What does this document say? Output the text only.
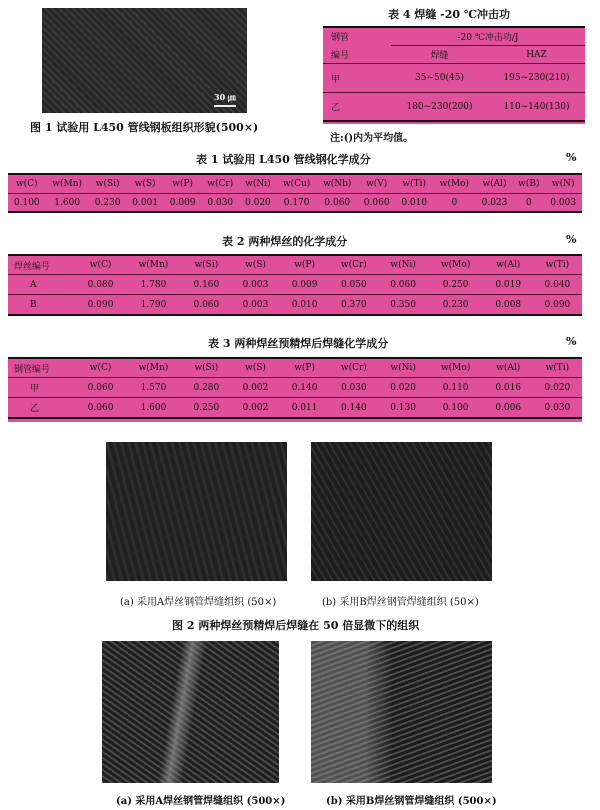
30 ㎛
图 1 试验用 L450 管线钢板组织形貌(500×)
表 4 焊缝 -20 ℃冲击功
钢管	-20 ℃冲击功/J	
编号	焊缝	HAZ
甲	35~50(45)	195~230(210)
乙	180~230(200)	110~140(130)
注:()内为平均值。
表 1 试验用 L450 管线钢化学成分	%
w(C)	w(Mn)	w(Si)	w(S)	w(P)	w(Cr)	w(Ni)	w(Cu)	w(Nb)	w(V)	w(Ti)	w(Mo)	w(Al)	w(B)	w(N)
0.100	1.600	0.230	0.001	0.009	0.030	0.020	0.170	0.060	0.060	0.010	0	0.023	0	0.003
表 2 两种焊丝的化学成分	%
焊丝编号	w(C)	w(Mn)	w(Si)	w(S)	w(P)	w(Cr)	w(Ni)	w(Mo)	w(Al)	w(Ti)
A	0.080	1.780	0.160	0.003	0.009	0.050	0.060	0.250	0.019	0.040
B	0.090	1.790	0.060	0.003	0.010	0.370	0.350	0.230	0.008	0.090
表 3 两种焊丝预精焊后焊缝化学成分	%
钢管编号	w(C)	w(Mn)	w(Si)	w(S)	w(P)	w(Cr)	w(Ni)	w(Mo)	w(Al)	w(Ti)
甲	0.060	1.570	0.280	0.002	0.140	0.030	0.020	0.110	0.016	0.020
乙	0.060	1.600	0.250	0.002	0.011	0.140	0.130	0.100	0.006	0.030
(a) 采用A焊丝钢管焊缝组织 (50×)	(b) 采用B焊丝钢管焊缝组织 (50×)
图 2 两种焊丝预精焊后焊缝在 50 倍显微下的组织
(a) 采用A焊丝钢管焊缝组织 (500×)	(b) 采用B焊丝钢管焊缝组织 (500×)
